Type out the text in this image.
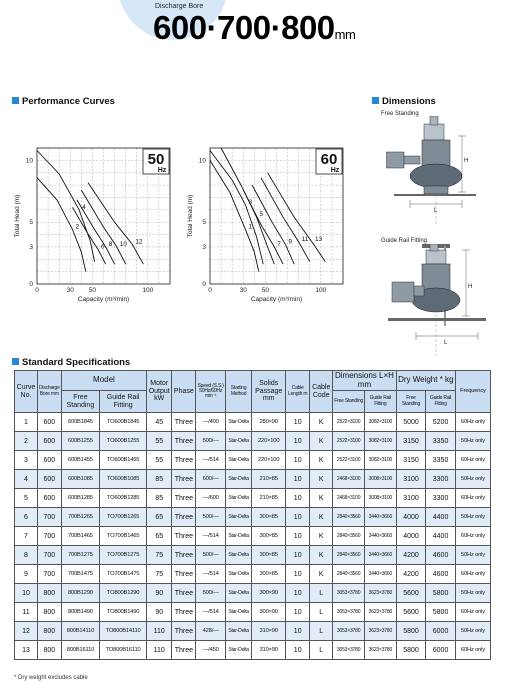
Discharge Bore
600·700·800mm
Performance Curves	Dimensions
Standard Specifications
0
3
5
10
0	30 50	100
Capacity (m³/min)
Total Head (m)
50
Hz
2
4
6 8 10 12
0
3
5
10
0	30 50	100
Capacity (m³/min)
Total Head (m)
60
Hz
1
3
5
7 9 11 13
Free Standing
Guide Rail Fitting
H
L
H
L
Curve No.	Discharge Bore mm	Model		Motor Output kW	Phase	Speed (S.S.) 50Hz/60Hz min⁻¹	Starting Method	Solids Passage mm	Cable Length m	Cable Code	Dimensions L×H mm		Dry Weight * kg		Frequency
		Free Standing	Guide Rail Fitting								Free Standing	Guide Rail Fitting	Free Standing	Guide Rail Fitting	
1	600	600B1845	TO600B1845	45	Three	—/400	Star-Delta	280×90	10	K	2522×3100	3082×3100	5000	5200	60Hz only
2	600	600B1255	TO600B1255	55	Three	500/—	Star-Delta	220×100	10	K	2522×3100	3082×3100	3150	3350	50Hz only
3	600	600B1455	TO600B1455	55	Three	—/514	Star-Delta	220×100	10	K	2522×3100	3082×3100	3150	3350	60Hz only
4	600	600B1085	TO600B1085	85	Three	600/—	Star-Delta	210×85	10	K	2468×3100	3008×3100	3100	3300	50Hz only
5	600	600B1285	TO600B1285	85	Three	—/600	Star-Delta	210×85	10	K	2468×3100	3008×3100	3100	3300	60Hz only
6	700	700B1265	TO700B1265	65	Three	500/—	Star-Delta	300×85	10	K	2840×3560	3440×3660	4000	4400	50Hz only
7	700	700B1465	TO700B1465	65	Three	—/514	Star-Delta	300×85	10	K	2840×3560	3440×3660	4000	4400	60Hz only
8	700	700B1275	TO700B1275	75	Three	500/—	Star-Delta	300×85	10	K	2840×3560	3440×3660	4200	4600	50Hz only
9	700	700B1475	TO700B1475	75	Three	—/514	Star-Delta	300×85	10	K	2840×3560	3440×3660	4200	4600	60Hz only
10	800	800B1290	TO800B1290	90	Three	500/—	Star-Delta	300×90	10	L	3053×3780	3623×3780	5600	5800	50Hz only
11	800	800B1490	TO800B1490	90	Three	—/514	Star-Delta	300×90	10	L	3053×3780	3623×3780	5600	5800	60Hz only
12	800	800B14110	TO800B14110	110	Three	428/—	Star-Delta	310×90	10	L	3053×3780	3623×3780	5800	6000	50Hz only
13	800	800B16110	TO800B16110	110	Three	—/450	Star-Delta	310×90	10	L	3053×3780	3623×3780	5800	6000	60Hz only
* Dry weight excludes cable
